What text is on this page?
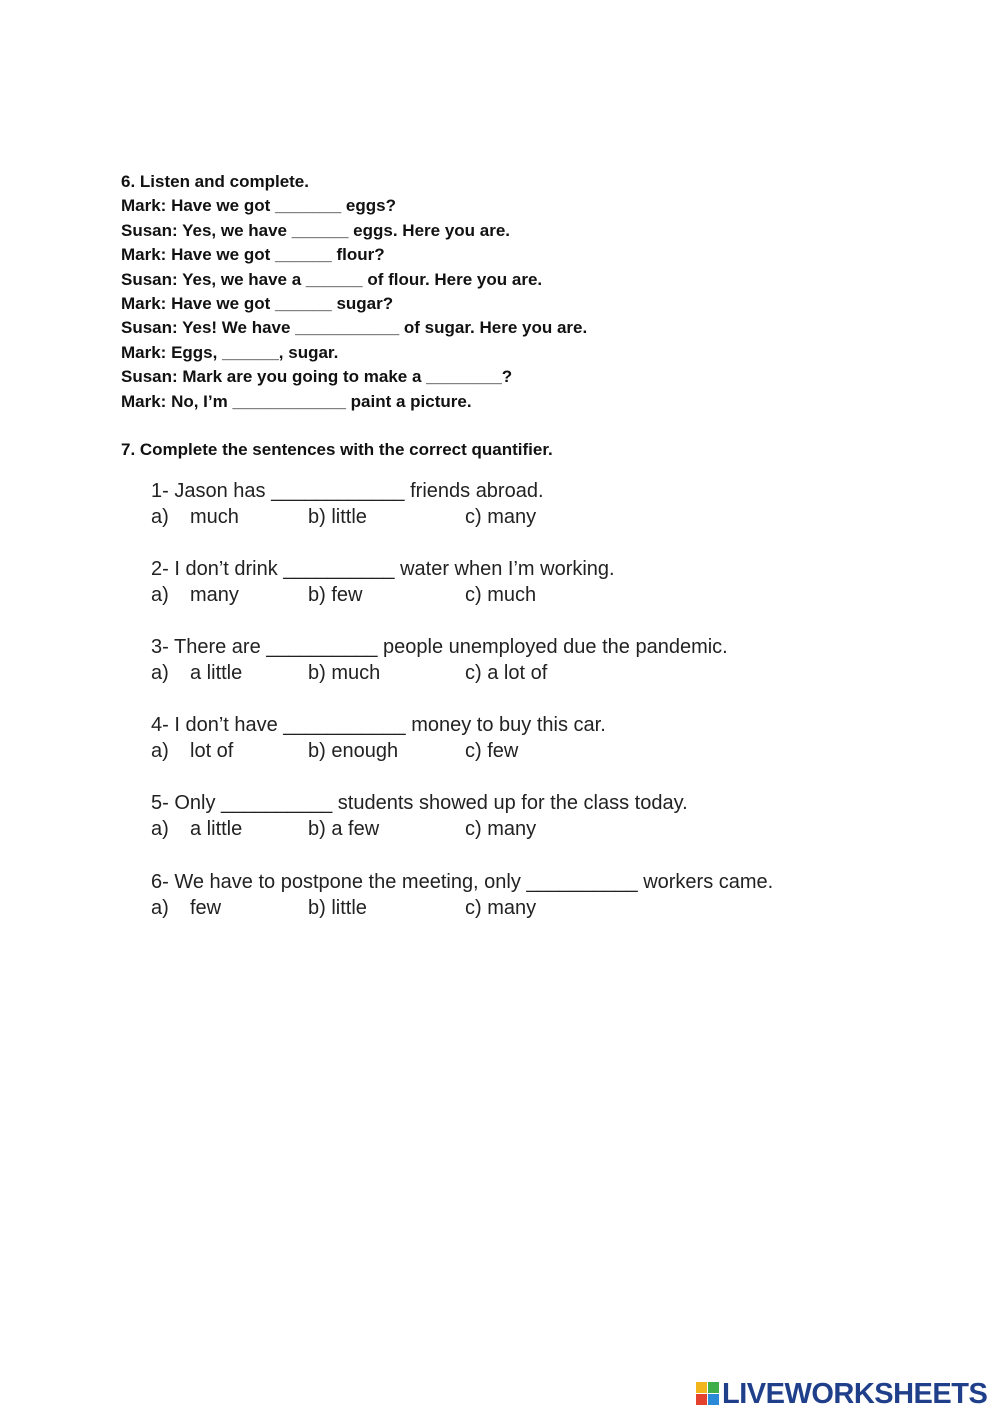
6. Listen and complete.
Mark: Have we got _______ eggs?
Susan: Yes, we have ______ eggs. Here you are.
Mark: Have we got ______ flour?
Susan: Yes, we have a ______ of flour. Here you are.
Mark: Have we got ______ sugar?
Susan: Yes! We have ___________ of sugar. Here you are.
Mark: Eggs, ______, sugar.
Susan: Mark are you going to make a ________?
Mark: No, I’m ____________ paint a picture.
7. Complete the sentences with the correct quantifier.
1- Jason has ____________ friends abroad.
a) much	b) little	c) many
2- I don’t drink __________ water when I’m working.
a) many	b) few	c) much
3- There are __________ people unemployed due the pandemic.
a) a little	b) much	c) a lot of
4- I don’t have ___________ money to buy this car.
a) lot of	b) enough	c) few
5- Only __________ students showed up for the class today.
a) a little	b) a few	c) many
6- We have to postpone the meeting, only __________ workers came.
a) few	b) little	c) many
LIVEWORKSHEETS
